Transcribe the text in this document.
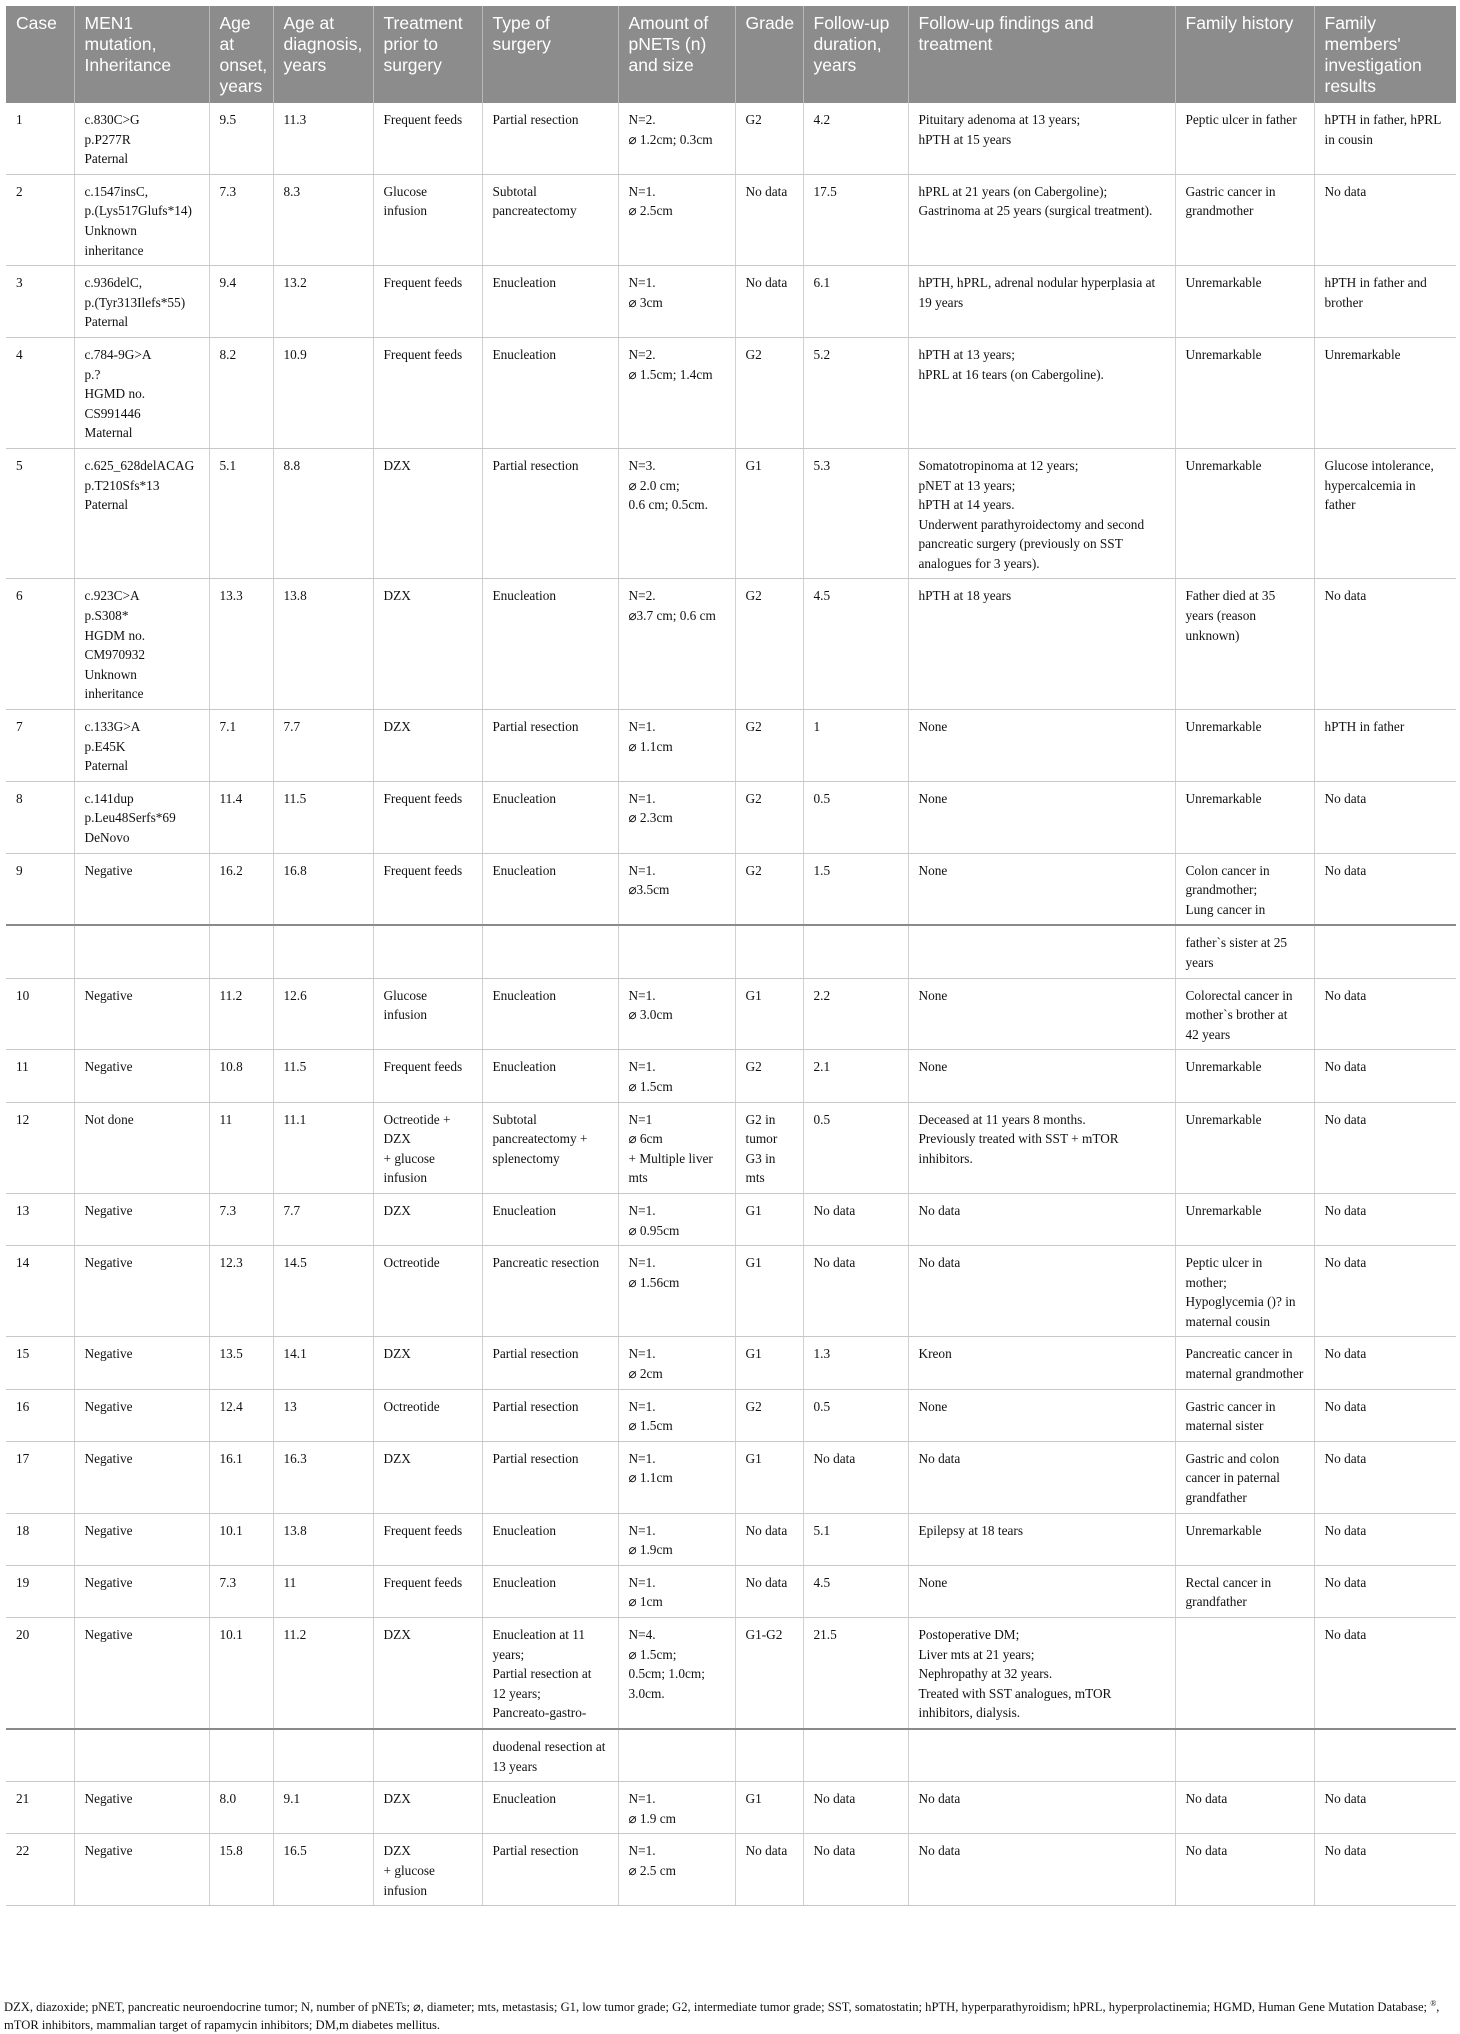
Case	MEN1 mutation, Inheritance	Age at onset, years	Age at diagnosis, years	Treatment prior to surgery	Type of surgery	Amount of pNETs (n) and size	Grade	Follow-up duration, years	Follow-up findings and treatment	Family history	Family members' investigation results
1	c.830C>G
p.P277R
Paternal	9.5	11.3	Frequent feeds	Partial resection	N=2.
⌀ 1.2cm; 0.3cm	G2	4.2	Pituitary adenoma at 13 years;
hPTH at 15 years	Peptic ulcer in father	hPTH in father, hPRL in cousin
2	c.1547insC,
p.(Lys517Glufs*14)
Unknown inheritance	7.3	8.3	Glucose infusion	Subtotal pancreatectomy	N=1.
⌀ 2.5cm	No data	17.5	hPRL at 21 years (on Cabergoline);
Gastrinoma at 25 years (surgical treatment).	Gastric cancer in grandmother	No data
3	c.936delC,
p.(Tyr313Ilefs*55)
Paternal	9.4	13.2	Frequent feeds	Enucleation	N=1.
⌀ 3cm	No data	6.1	hPTH, hPRL, adrenal nodular hyperplasia at 19 years	Unremarkable	hPTH in father and brother
4	c.784-9G>A
p.?
HGMD no. CS991446
Maternal	8.2	10.9	Frequent feeds	Enucleation	N=2.
⌀ 1.5cm; 1.4cm	G2	5.2	hPTH at 13 years;
hPRL at 16 tears (on Cabergoline).	Unremarkable	Unremarkable
5	c.625_628delACAG
p.T210Sfs*13
Paternal	5.1	8.8	DZX	Partial resection	N=3.
⌀ 2.0 cm;
0.6 cm; 0.5cm.	G1	5.3	Somatotropinoma at 12 years;
pNET at 13 years;
hPTH at 14 years.
Underwent parathyroidectomy and second pancreatic surgery (previously on SST analogues for 3 years).	Unremarkable	Glucose intolerance, hypercalcemia in father
6	c.923C>A
p.S308*
HGDM no. CM970932
Unknown inheritance	13.3	13.8	DZX	Enucleation	N=2.
⌀3.7 cm; 0.6 cm	G2	4.5	hPTH at 18 years	Father died at 35 years (reason unknown)	No data
7	c.133G>A
p.E45K
Paternal	7.1	7.7	DZX	Partial resection	N=1.
⌀ 1.1cm	G2	1	None	Unremarkable	hPTH in father
8	c.141dup
p.Leu48Serfs*69
DeNovo	11.4	11.5	Frequent feeds	Enucleation	N=1.
⌀ 2.3cm	G2	0.5	None	Unremarkable	No data
9	Negative	16.2	16.8	Frequent feeds	Enucleation	N=1.
⌀3.5cm	G2	1.5	None	Colon cancer in grandmother;
Lung cancer in	No data
										father`s sister at 25 years	
10	Negative	11.2	12.6	Glucose infusion	Enucleation	N=1.
⌀ 3.0cm	G1	2.2	None	Colorectal cancer in mother`s brother at 42 years	No data
11	Negative	10.8	11.5	Frequent feeds	Enucleation	N=1.
⌀ 1.5cm	G2	2.1	None	Unremarkable	No data
12	Not done	11	11.1	Octreotide +
DZX
+ glucose infusion	Subtotal pancreatectomy + splenectomy	N=1
⌀ 6cm
+ Multiple liver mts	G2 in tumor G3 in mts	0.5	Deceased at 11 years 8 months.
Previously treated with SST + mTOR inhibitors.	Unremarkable	No data
13	Negative	7.3	7.7	DZX	Enucleation	N=1.
⌀ 0.95cm	G1	No data	No data	Unremarkable	No data
14	Negative	12.3	14.5	Octreotide	Pancreatic resection	N=1.
⌀ 1.56cm	G1	No data	No data	Peptic ulcer in mother;
Hypoglycemia ()? in maternal cousin	No data
15	Negative	13.5	14.1	DZX	Partial resection	N=1.
⌀ 2cm	G1	1.3	Kreon	Pancreatic cancer in maternal grandmother	No data
16	Negative	12.4	13	Octreotide	Partial resection	N=1.
⌀ 1.5cm	G2	0.5	None	Gastric cancer in maternal sister	No data
17	Negative	16.1	16.3	DZX	Partial resection	N=1.
⌀ 1.1cm	G1	No data	No data	Gastric and colon cancer in paternal grandfather	No data
18	Negative	10.1	13.8	Frequent feeds	Enucleation	N=1.
⌀ 1.9cm	No data	5.1	Epilepsy at 18 tears	Unremarkable	No data
19	Negative	7.3	11	Frequent feeds	Enucleation	N=1.
⌀ 1cm	No data	4.5	None	Rectal cancer in grandfather	No data
20	Negative	10.1	11.2	DZX	Enucleation at 11 years;
Partial resection at 12 years;
Pancreato-gastro-	N=4.
⌀ 1.5cm;
0.5cm; 1.0cm;
3.0cm.	G1-G2	21.5	Postoperative DM;
Liver mts at 21 years;
Nephropathy at 32 years.
Treated with SST analogues, mTOR inhibitors, dialysis.		No data
					duodenal resection at 13 years						
21	Negative	8.0	9.1	DZX	Enucleation	N=1.
⌀ 1.9 cm	G1	No data	No data	No data	No data
22	Negative	15.8	16.5	DZX
+ glucose infusion	Partial resection	N=1.
⌀ 2.5 cm	No data	No data	No data	No data	No data
DZX, diazoxide; pNET, pancreatic neuroendocrine tumor; N, number of pNETs; ⌀, diameter; mts, metastasis; G1, low tumor grade; G2, intermediate tumor grade; SST, somatostatin; hPTH, hyperparathyroidism; hPRL, hyperprolactinemia; HGMD, Human Gene Mutation Database; ®, mTOR inhibitors, mammalian target of rapamycin inhibitors; DM,m diabetes mellitus.
